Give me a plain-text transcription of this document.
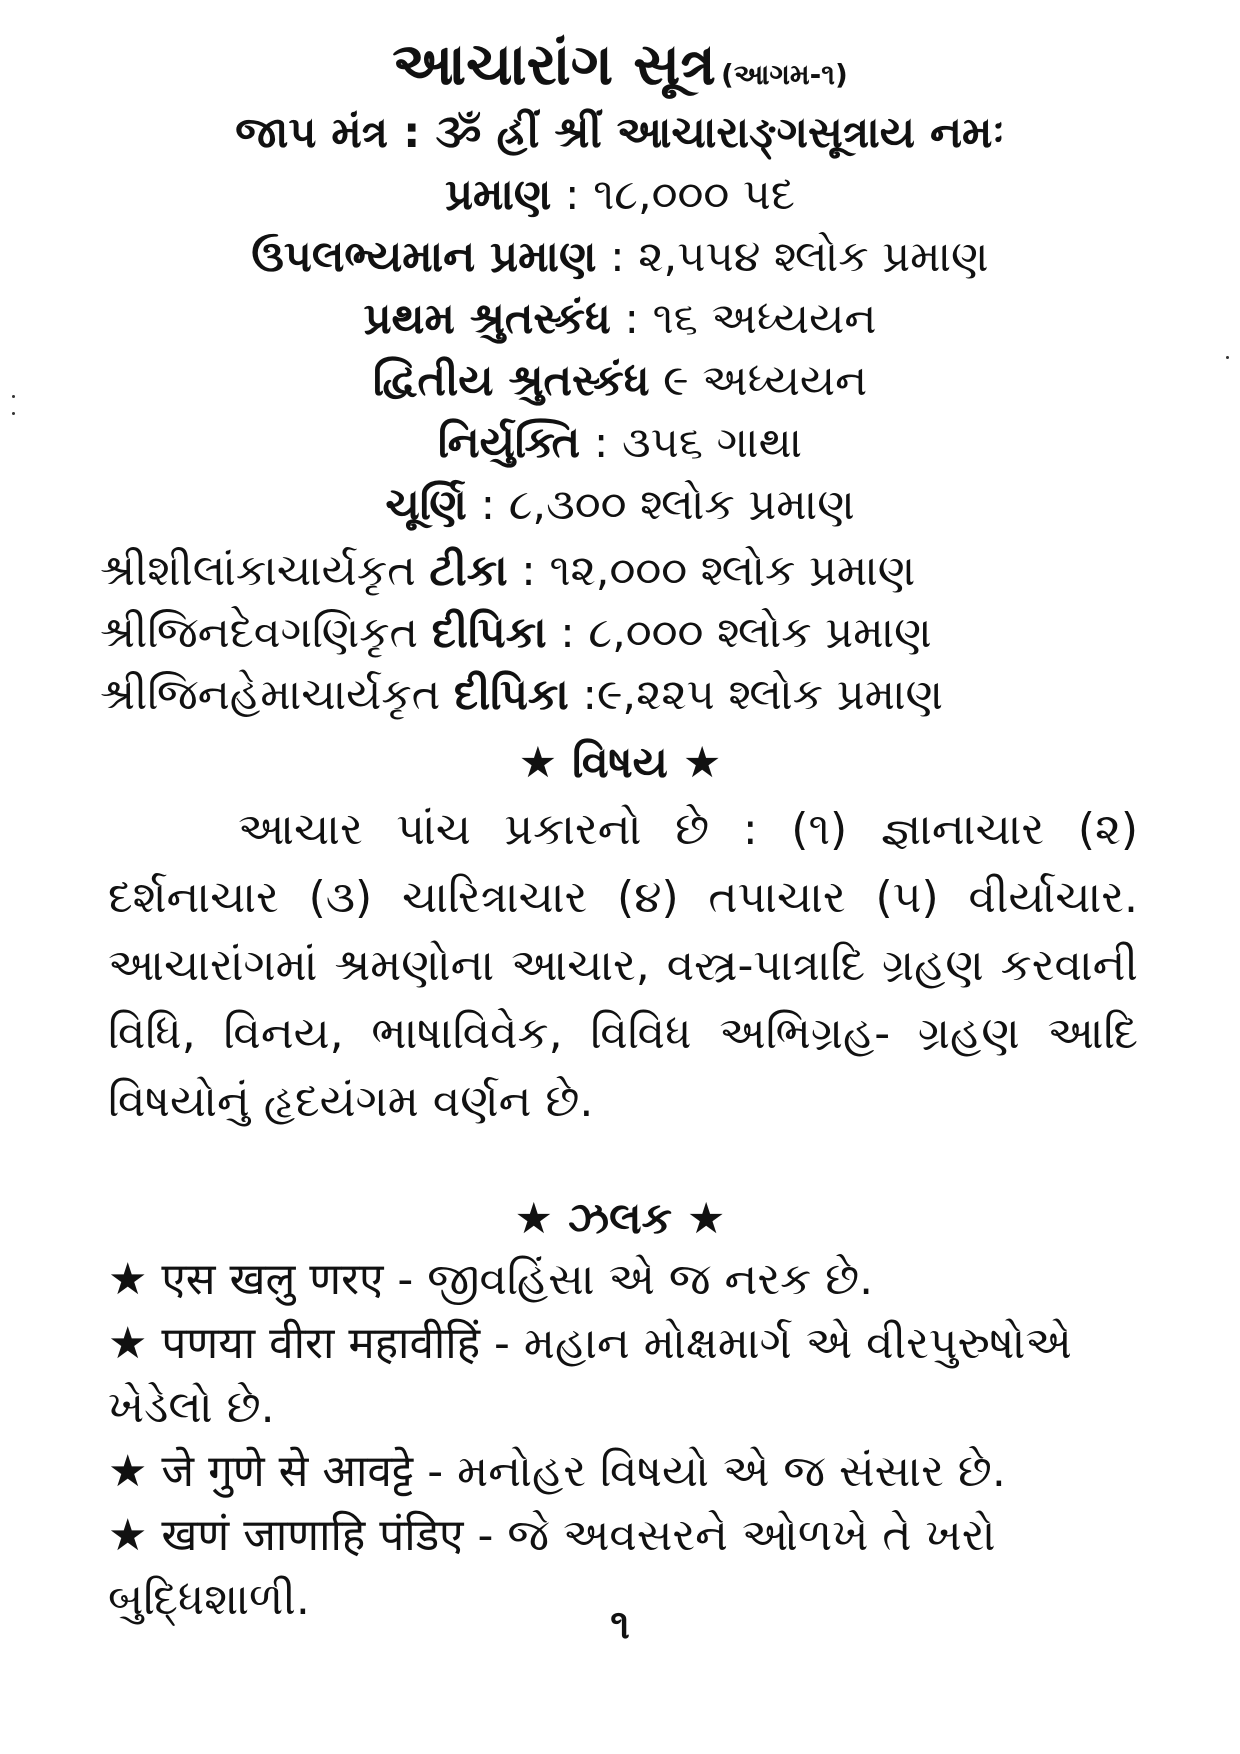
આચારાંગ સૂત્ર (આગમ-૧)
જાપ મંત્ર : ૐ હ્રીં શ્રીં આચારાઙ્ગસૂત્રાય નમઃ
પ્રમાણ : ૧૮,૦૦૦ પદ
ઉપલભ્યમાન પ્રમાણ : ૨,૫૫૪ શ્લોક પ્રમાણ
પ્રથમ શ્રુતસ્કંધ : ૧૬ અધ્યયન
દ્વિતીય શ્રુતસ્કંધ ૯ અધ્યયન
નિર્યુક્તિ : ૩૫૬ ગાથા
ચૂર્ણિ : ૮,૩૦૦ શ્લોક પ્રમાણ
શ્રીશીલાંકાચાર્યકૃત ટીકા : ૧૨,૦૦૦ શ્લોક પ્રમાણ
શ્રીજિનદેવગણિકૃત દીપિકા : ૮,૦૦૦ શ્લોક પ્રમાણ
શ્રીજિનહેમાચાર્યકૃત દીપિકા :૯,૨૨૫ શ્લોક પ્રમાણ
★ વિષય ★
આચાર પાંચ પ્રકારનો છે : (૧) જ્ઞાનાચાર (૨) દર્શનાચાર (૩) ચારિત્રાચાર (૪) તપાચાર (૫) વીર્યાચાર. આચારાંગમાં શ્રમણોના આચાર, વસ્ત્ર-પાત્રાદિ ગ્રહણ કરવાની વિધિ, વિનય, ભાષાવિવેક, વિવિધ અભિગ્રહ- ગ્રહણ આદિ વિષયોનું હૃદયંગમ વર્ણન છે.
★ ઝલક ★
★ एस खलु णरए - જીવહિંસા એ જ નરક છે.
★ पणया वीरा महावीहिं - મહાન મોક્ષમાર્ગ એ વીરપુરુષોએ ખેડેલો છે.
★ जे गुणे से आवट्टे - મનોહર વિષયો એ જ સંસાર છે.
★ खणं जाणाहि पंडिए - જે અવસરને ઓળખે તે ખરો બુદ્ધિશાળી.	૧
